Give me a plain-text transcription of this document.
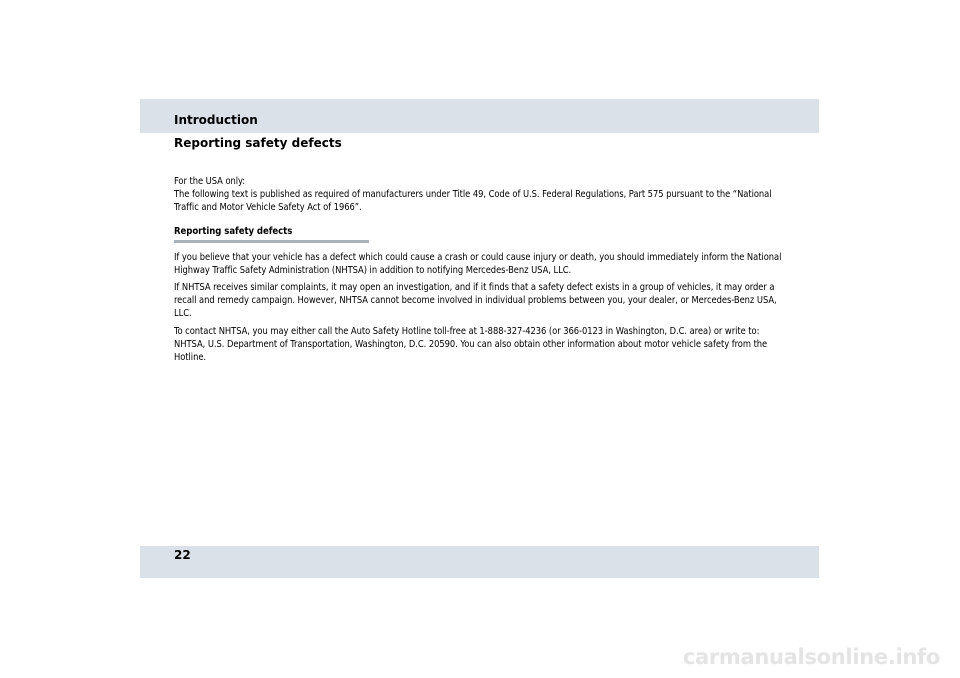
Introduction
Reporting safety defects
For the USA only:
The following text is published as required of manufacturers under Title 49, Code of U.S. Federal Regulations, Part 575 pursuant to the “National Traffic and Motor Vehicle Safety Act of 1966”.
Reporting safety defects

If you believe that your vehicle has a defect which could cause a crash or could cause injury or death, you should immediately inform the National Highway Traffic Safety Administration (NHTSA) in addition to notifying Mercedes-Benz USA, LLC.

If NHTSA receives similar complaints, it may open an investigation, and if it finds that a safety defect exists in a group of vehicles, it may order a recall and remedy campaign. However, NHTSA cannot become involved in individual problems between you, your dealer, or Mercedes-Benz USA, LLC.

To contact NHTSA, you may either call the Auto Safety Hotline toll-free at 1-888-327-4236 (or 366-0123 in Washington, D.C. area) or write to: NHTSA, U.S. Department of Transportation, Washington, D.C. 20590. You can also obtain other information about motor vehicle safety from the Hotline.

22
carmanualsonline.info
